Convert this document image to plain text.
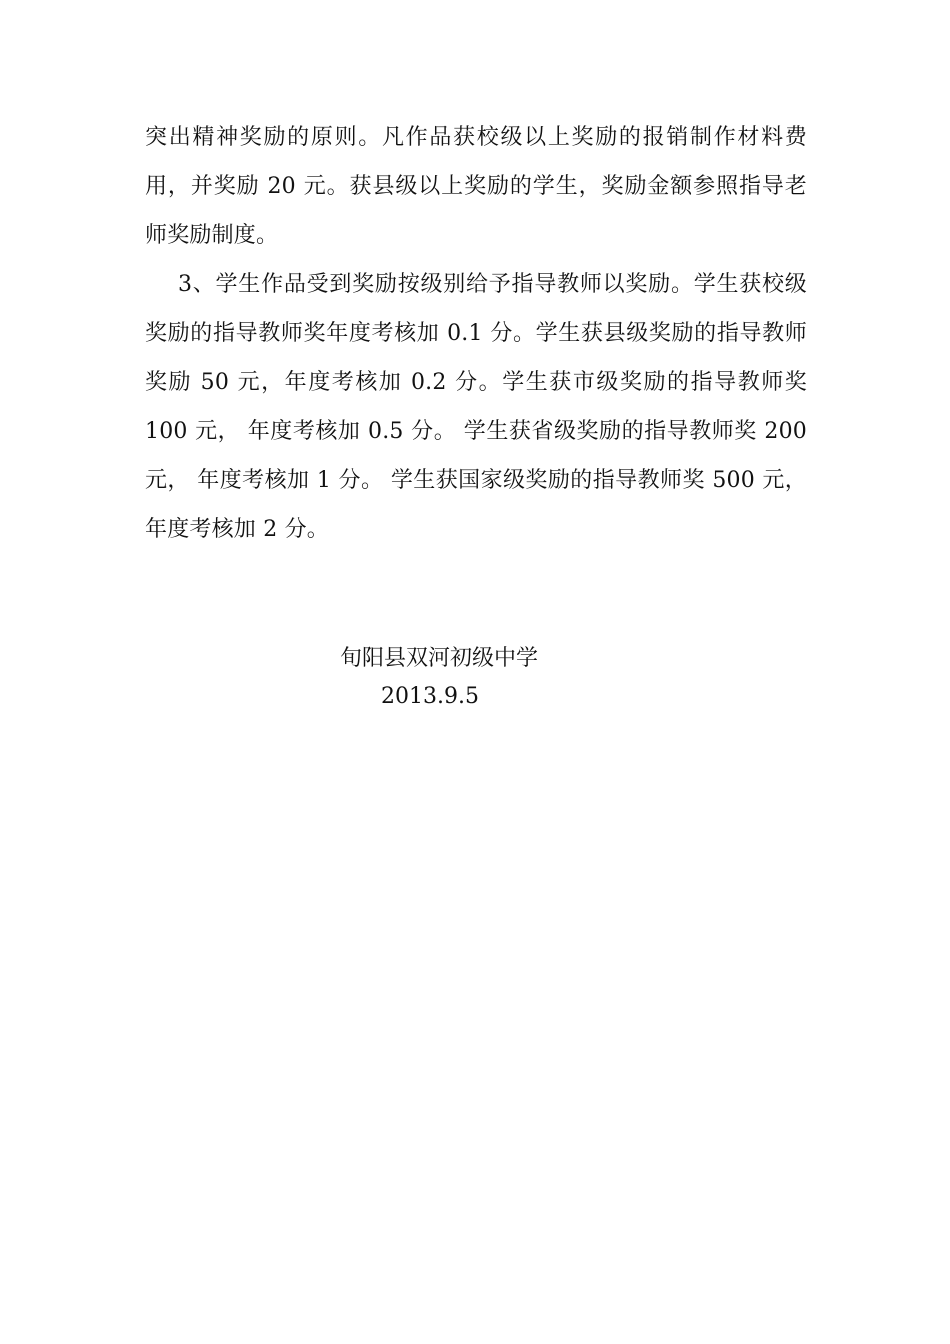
突出精神奖励的原则。凡作品获校级以上奖励的报销制作材料费用，并奖励 20 元。获县级以上奖励的学生，奖励金额参照指导老师奖励制度。

3、学生作品受到奖励按级别给予指导教师以奖励。学生获校级奖励的指导教师奖年度考核加 0.1 分。学生获县级奖励的指导教师奖励 50 元，年度考核加 0.2 分。学生获市级奖励的指导教师奖 100 元， 年度考核加 0.5 分。 学生获省级奖励的指导教师奖 200 元， 年度考核加 1 分。 学生获国家级奖励的指导教师奖 500 元， 年度考核加 2 分。

旬阳县双河初级中学
2013.9.5
